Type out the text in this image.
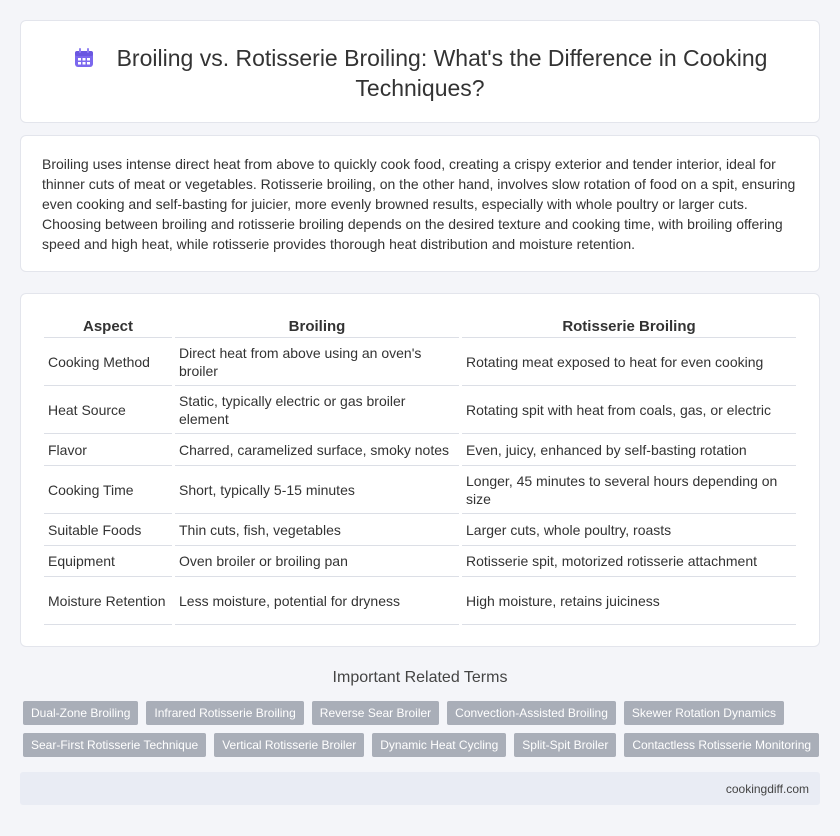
Broiling vs. Rotisserie Broiling: What's the Difference in Cooking Techniques?

Broiling uses intense direct heat from above to quickly cook food, creating a crispy exterior and tender interior, ideal for thinner cuts of meat or vegetables. Rotisserie broiling, on the other hand, involves slow rotation of food on a spit, ensuring even cooking and self-basting for juicier, more evenly browned results, especially with whole poultry or larger cuts. Choosing between broiling and rotisserie broiling depends on the desired texture and cooking time, with broiling offering speed and high heat, while rotisserie provides thorough heat distribution and moisture retention.

Aspect	Broiling	Rotisserie Broiling
Cooking Method	Direct heat from above using an oven's broiler	Rotating meat exposed to heat for even cooking
Heat Source	Static, typically electric or gas broiler element	Rotating spit with heat from coals, gas, or electric
Flavor	Charred, caramelized surface, smoky notes	Even, juicy, enhanced by self-basting rotation
Cooking Time	Short, typically 5-15 minutes	Longer, 45 minutes to several hours depending on size
Suitable Foods	Thin cuts, fish, vegetables	Larger cuts, whole poultry, roasts
Equipment	Oven broiler or broiling pan	Rotisserie spit, motorized rotisserie attachment
Moisture Retention	Less moisture, potential for dryness	High moisture, retains juiciness
Important Related Terms
Dual-Zone Broiling	Infrared Rotisserie Broiling	Reverse Sear Broiler	Convection-Assisted Broiling	Skewer Rotation Dynamics
Sear-First Rotisserie Technique	Vertical Rotisserie Broiler	Dynamic Heat Cycling	Split-Spit Broiler	Contactless Rotisserie Monitoring
cookingdiff.com
